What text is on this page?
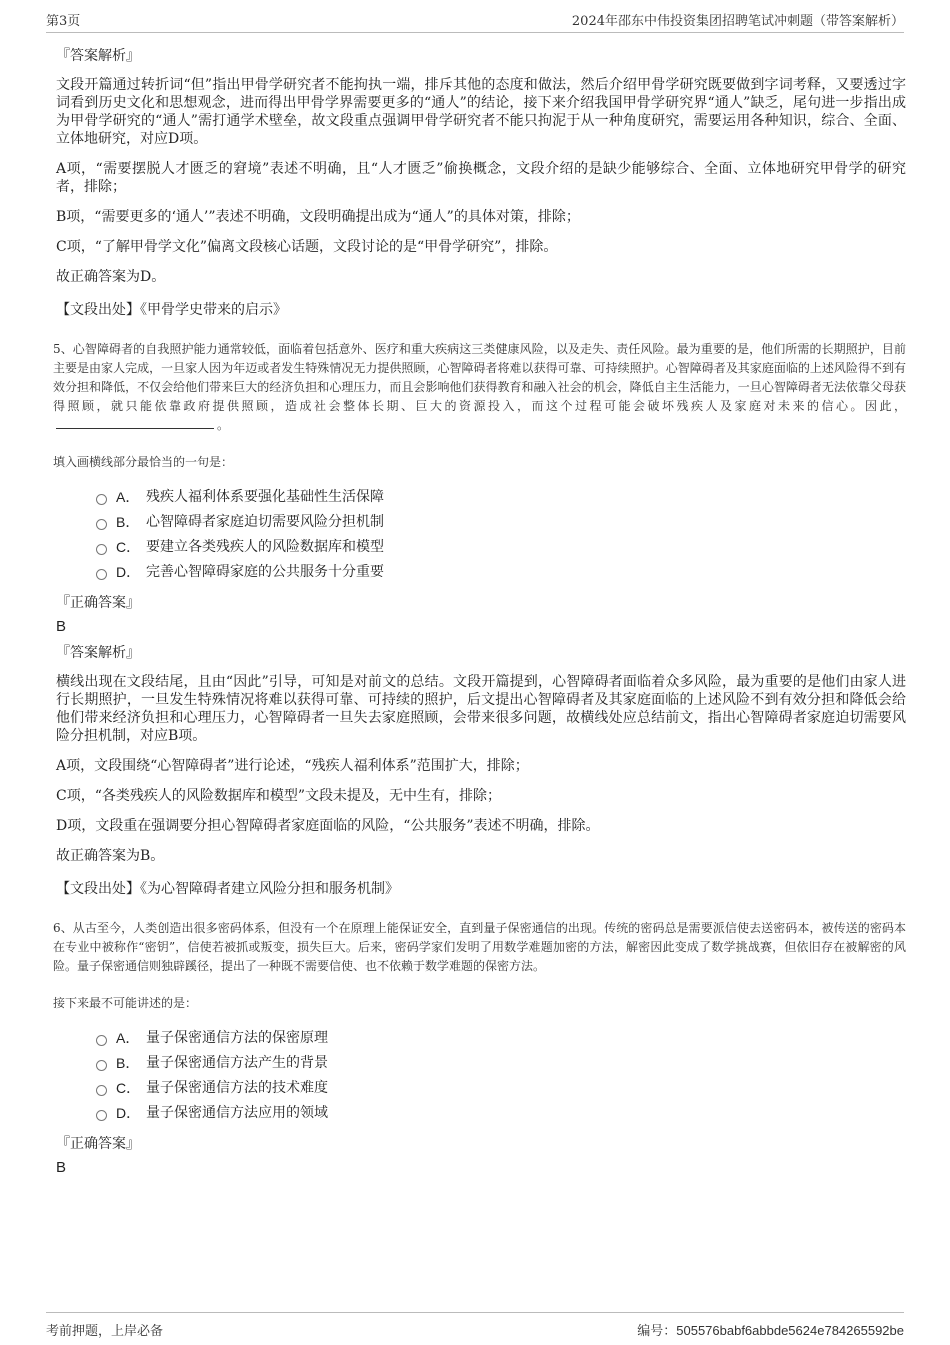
第3页	2024年邵东中伟投资集团招聘笔试冲刺题（带答案解析）
『答案解析』

文段开篇通过转折词“但”指出甲骨学研究者不能拘执一端，排斥其他的态度和做法，然后介绍甲骨学研究既要做到字词考释，又要透过字词看到历史文化和思想观念，进而得出甲骨学界需要更多的“通人”的结论，接下来介绍我国甲骨学研究界“通人”缺乏，尾句进一步指出成为甲骨学研究的“通人”需打通学术壁垒，故文段重点强调甲骨学研究者不能只拘泥于从一种角度研究，需要运用各种知识，综合、全面、立体地研究，对应D项。

A项，“需要摆脱人才匮乏的窘境”表述不明确，且“人才匮乏”偷换概念，文段介绍的是缺少能够综合、全面、立体地研究甲骨学的研究者，排除；

B项，“需要更多的‘通人’”表述不明确，文段明确提出成为“通人”的具体对策，排除；

C项，“了解甲骨学文化”偏离文段核心话题，文段讨论的是“甲骨学研究”，排除。

故正确答案为D。

【文段出处】《甲骨学史带来的启示》
5、心智障碍者的自我照护能力通常较低，面临着包括意外、医疗和重大疾病这三类健康风险，以及走失、责任风险。最为重要的是，他们所需的长期照护，目前主要是由家人完成，一旦家人因为年迈或者发生特殊情况无力提供照顾，心智障碍者将难以获得可靠、可持续照护。心智障碍者及其家庭面临的上述风险得不到有效分担和降低，不仅会给他们带来巨大的经济负担和心理压力，而且会影响他们获得教育和融入社会的机会，降低自主生活能力，一旦心智障碍者无法依靠父母获得照顾，就只能依靠政府提供照顾，造成社会整体长期、巨大的资源投入，而这个过程可能会破坏残疾人及家庭对未来的信心。因此，。
填入画横线部分最恰当的一句是：
A． 残疾人福利体系要强化基础性生活保障
B． 心智障碍者家庭迫切需要风险分担机制
C． 要建立各类残疾人的风险数据库和模型
D． 完善心智障碍家庭的公共服务十分重要
『正确答案』
B
『答案解析』

横线出现在文段结尾，且由“因此”引导，可知是对前文的总结。文段开篇提到，心智障碍者面临着众多风险，最为重要的是他们由家人进行长期照护，一旦发生特殊情况将难以获得可靠、可持续的照护，后文提出心智障碍者及其家庭面临的上述风险不到有效分担和降低会给他们带来经济负担和心理压力，心智障碍者一旦失去家庭照顾，会带来很多问题，故横线处应总结前文，指出心智障碍者家庭迫切需要风险分担机制，对应B项。

A项，文段围绕“心智障碍者”进行论述，“残疾人福利体系”范围扩大，排除；

C项，“各类残疾人的风险数据库和模型”文段未提及，无中生有，排除；

D项，文段重在强调要分担心智障碍者家庭面临的风险，“公共服务”表述不明确，排除。

故正确答案为B。

【文段出处】《为心智障碍者建立风险分担和服务机制》
6、从古至今，人类创造出很多密码体系，但没有一个在原理上能保证安全，直到量子保密通信的出现。传统的密码总是需要派信使去送密码本，被传送的密码本在专业中被称作“密钥”，信使若被抓或叛变，损失巨大。后来，密码学家们发明了用数学难题加密的方法，解密因此变成了数学挑战赛，但依旧存在被解密的风险。量子保密通信则独辟蹊径，提出了一种既不需要信使、也不依赖于数学难题的保密方法。
接下来最不可能讲述的是：
A． 量子保密通信方法的保密原理
B． 量子保密通信方法产生的背景
C． 量子保密通信方法的技术难度
D． 量子保密通信方法应用的领域
『正确答案』
B
考前押题，上岸必备	编号：505576babf6abbde5624e784265592be
